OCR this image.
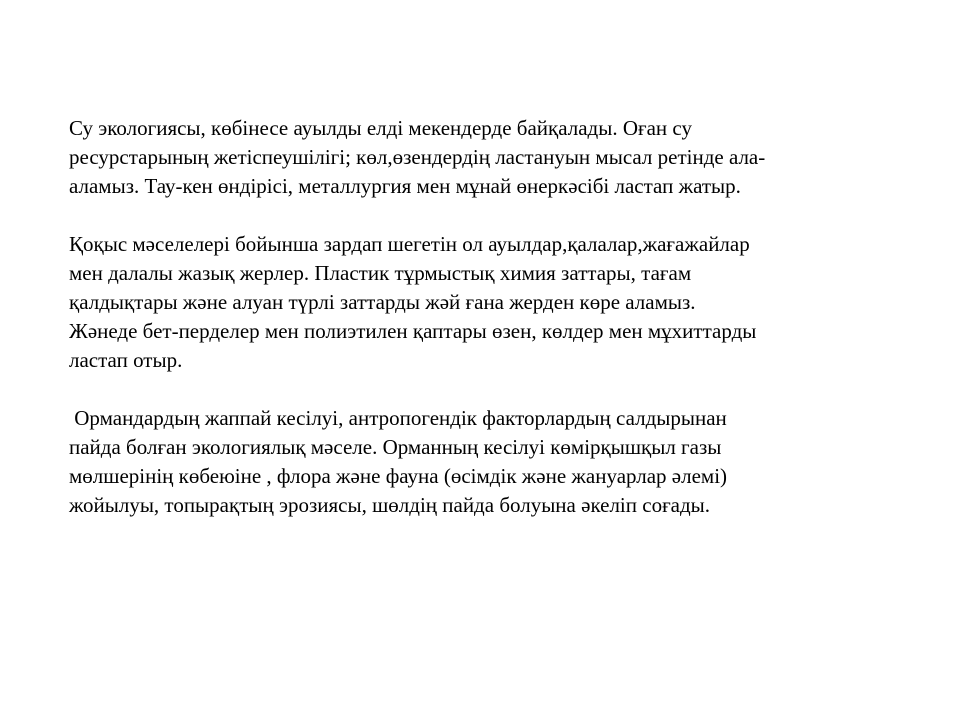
Су экологиясы, көбінесе ауылды елді мекендерде байқалады. Оған су
ресурстарының жетіспеушілігі; көл,өзендердің ластануын мысал ретінде ала-
аламыз. Тау-кен өндірісі, металлургия мен мұнай өнеркәсібі ластап жатыр.

Қоқыс мәселелері бойынша зардап шегетін ол ауылдар,қалалар,жағажайлар
мен далалы жазық жерлер. Пластик тұрмыстық химия заттары, тағам
қалдықтары және алуан түрлі заттарды жәй ғана жерден көре аламыз.
Жәнеде бет-перделер мен полиэтилен қаптары өзен, көлдер мен мұхиттарды
ластап отыр.

Ормандардың жаппай кесілуі, антропогендік факторлардың салдырынан
пайда болған экологиялық мәселе. Орманның кесілуі көмірқышқыл газы
мөлшерінің көбеюіне , флора және фауна (өсімдік және жануарлар әлемі)
жойылуы, топырақтың эрозиясы, шөлдің пайда болуына әкеліп соғады.
